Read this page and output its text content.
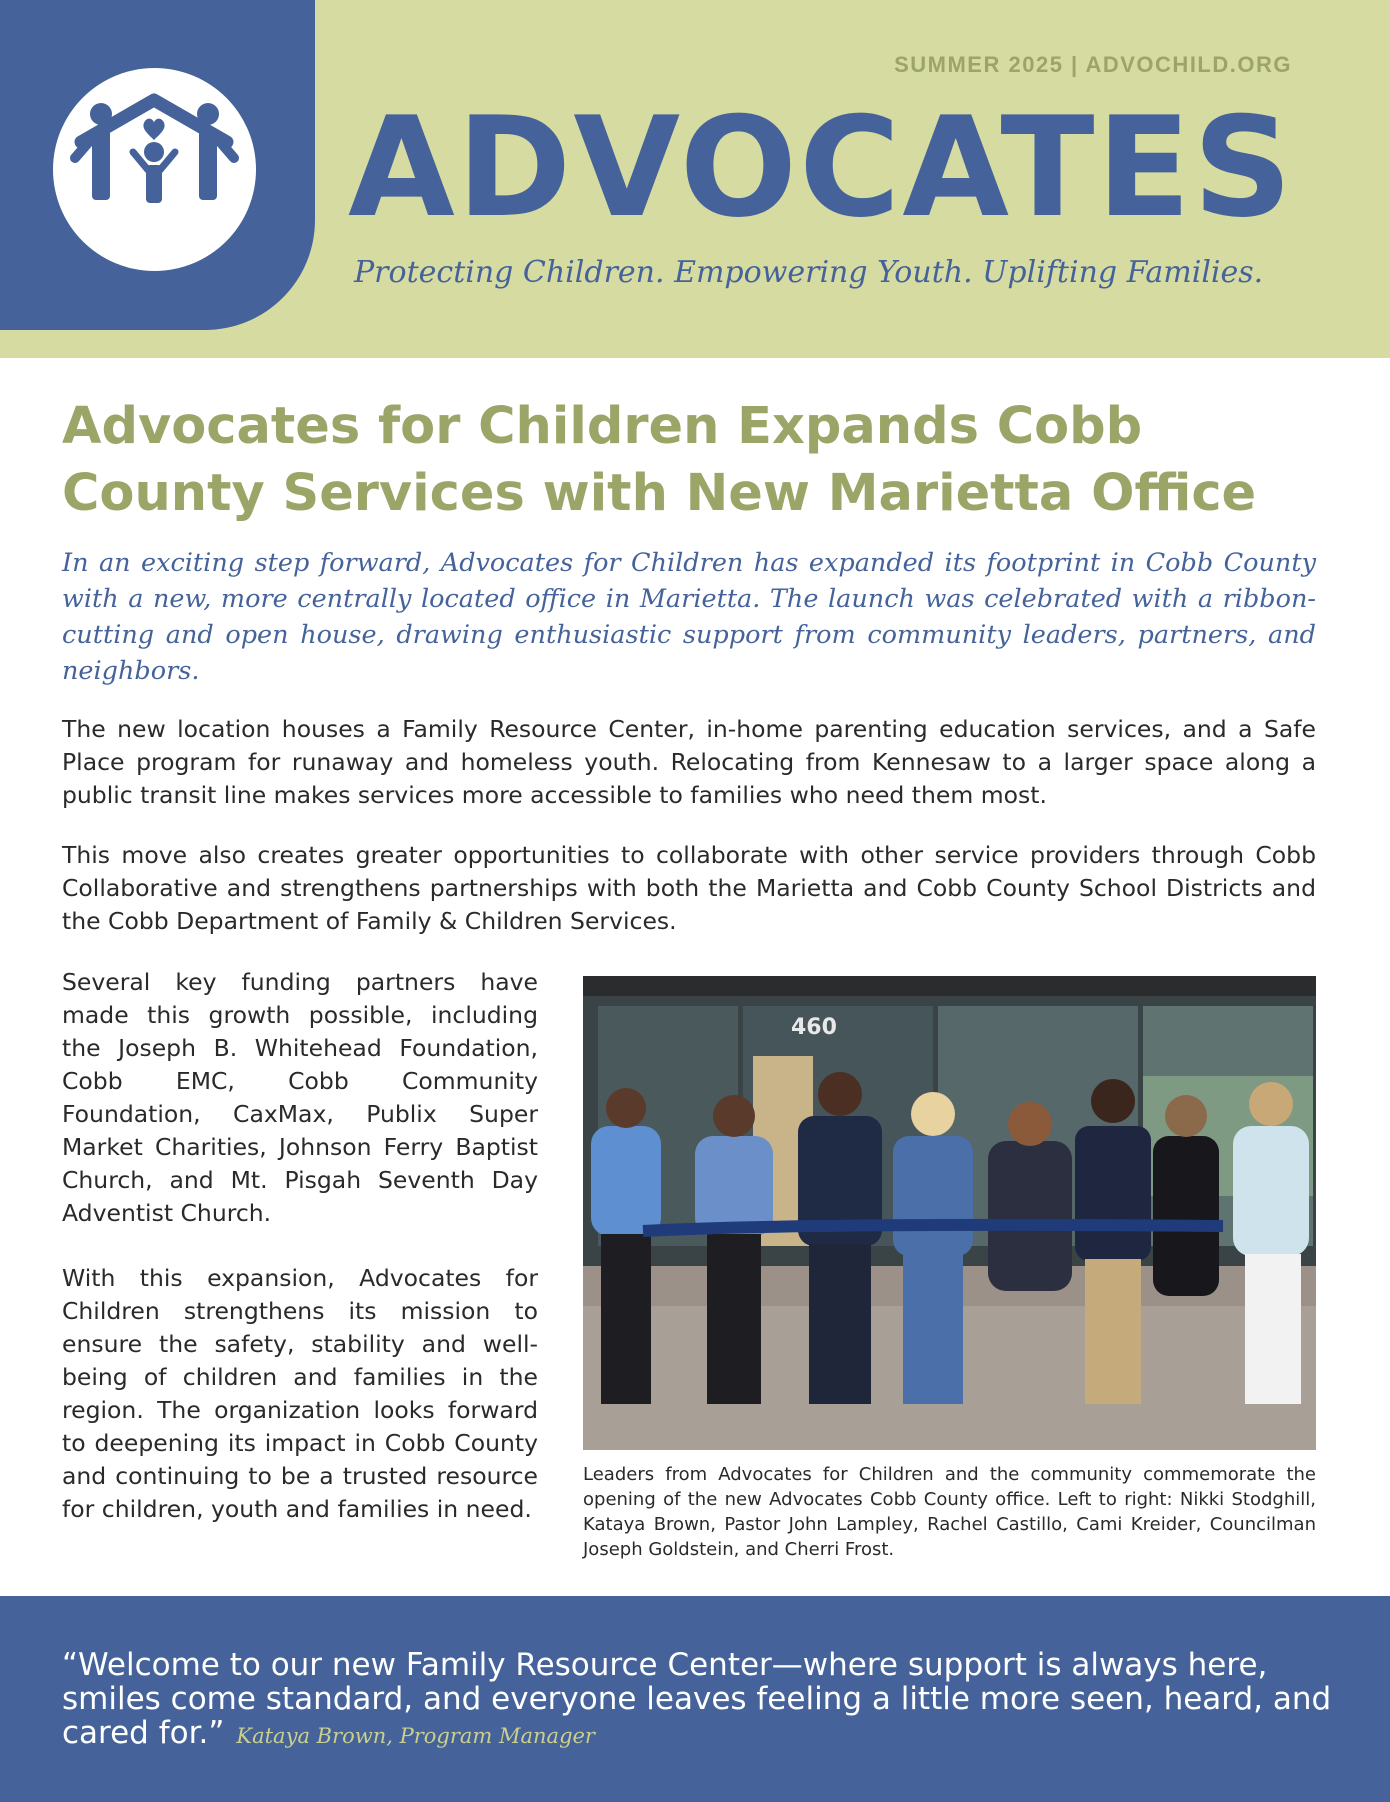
SUMMER 2025 | ADVOCHILD.ORG
ADVOCATES
Protecting Children. Empowering Youth. Uplifting Families.
Advocates for Children Expands Cobb County Services with New Marietta Office
In an exciting step forward, Advocates for Children has expanded its footprint in Cobb County with a new, more centrally located office in Marietta. The launch was celebrated with a ribbon-cutting and open house, drawing enthusiastic support from community leaders, partners, and neighbors.
The new location houses a Family Resource Center, in-home parenting education services, and a Safe Place program for runaway and homeless youth. Relocating from Kennesaw to a larger space along a public transit line makes services more accessible to families who need them most.
This move also creates greater opportunities to collaborate with other service providers through Cobb Collaborative and strengthens partnerships with both the Marietta and Cobb County School Districts and the Cobb Department of Family & Children Services.
Several key funding partners have made this growth possible, including the Joseph B. Whitehead Foundation, Cobb EMC, Cobb Community Foundation, CaxMax, Publix Super Market Charities, Johnson Ferry Baptist Church, and Mt. Pisgah Seventh Day Adventist Church.
With this expansion, Advocates for Children strengthens its mission to ensure the safety, stability and well-being of children and families in the region. The organization looks forward to deepening its impact in Cobb County and continuing to be a trusted resource for children, youth and families in need.
460
Leaders from Advocates for Children and the community commemorate the opening of the new Advocates Cobb County office. Left to right: Nikki Stodghill, Kataya Brown, Pastor John Lampley, Rachel Castillo, Cami Kreider, Councilman Joseph Goldstein, and Cherri Frost.
“Welcome to our new Family Resource Center—where support is always here, smiles come standard, and everyone leaves feeling a little more seen, heard, and cared for.” Kataya Brown, Program Manager
